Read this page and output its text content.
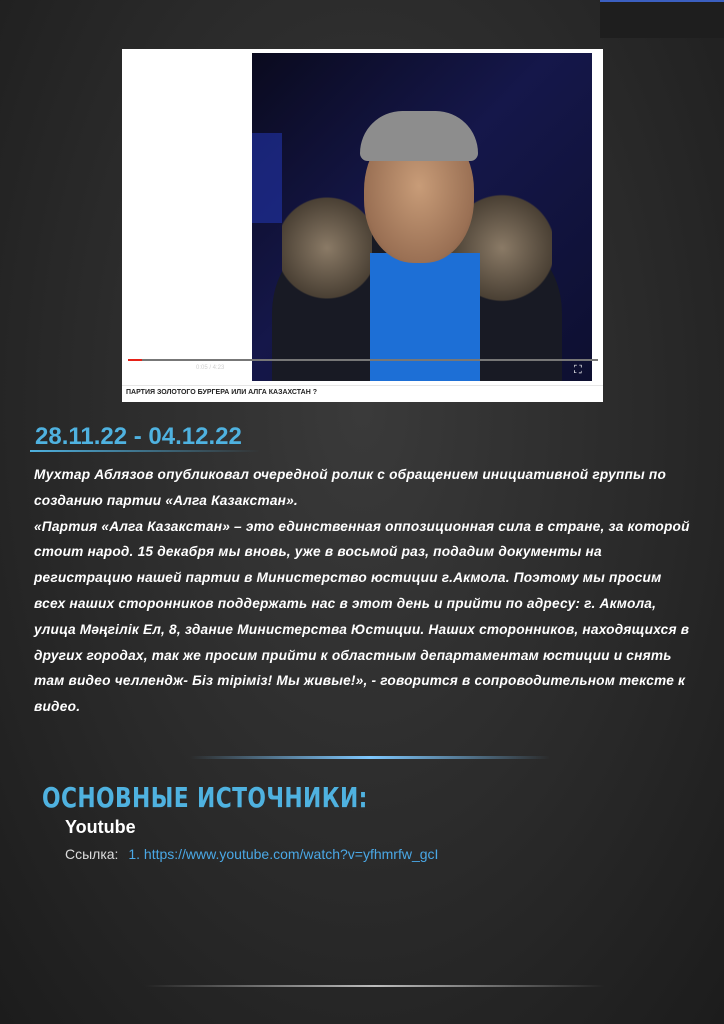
❚❚ ▶| ◀) 0:05 / 4:23	⛶
ПАРТИЯ ЗОЛОТОГО БУРГЕРА ИЛИ АЛГА КАЗАХСТАН ?
28.11.22 - 04.12.22

Мухтар Аблязов опубликовал очередной ролик с обращением инициативной группы по созданию партии «Алга Казакстан».

«Партия «Алга Казакстан» – это единственная оппозиционная сила в стране, за которой стоит народ. 15 декабря мы вновь, уже в восьмой раз, подадим документы на регистрацию нашей партии в Министерство юстиции г.Акмола. Поэтому мы просим всех наших сторонников поддержать нас в этот день и прийти по адресу: г. Акмола, улица Мәңгілік Ел, 8, здание Министерства Юстиции. Наших сторонников, находящихся в других городах, так же просим прийти к областным департаментам юстиции и снять там видео челлендж- Біз тіріміз! Мы живые!», - говорится в сопроводительном тексте к видео.

ОСНОВНЫЕ ИСТОЧНИКИ:
Youtube
Ссылка: 1. https://www.youtube.com/watch?v=yfhmrfw_gcI
